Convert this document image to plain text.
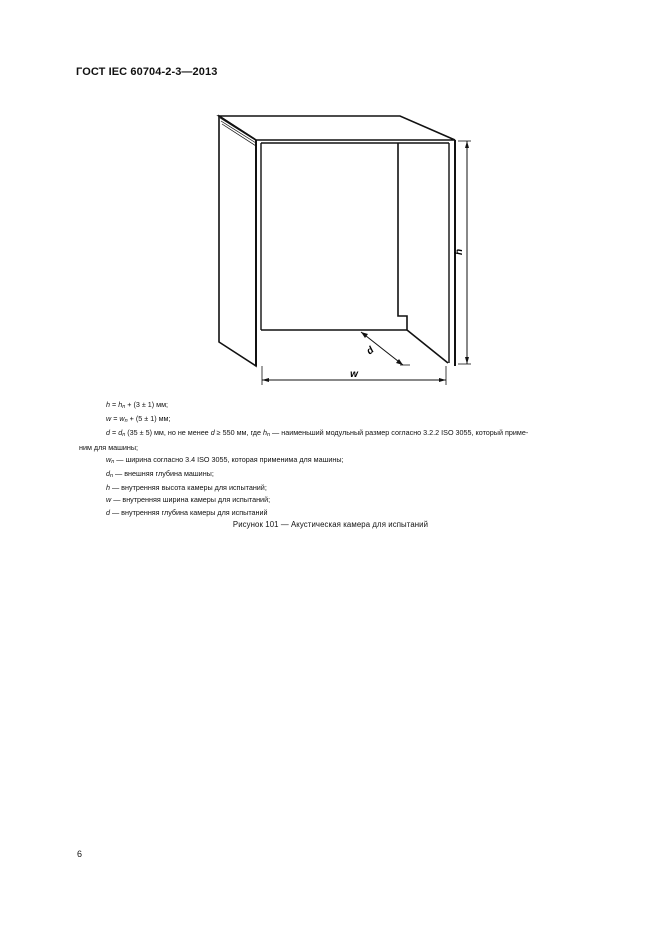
ГОСТ IEC 60704-2-3—2013
h
w
d
$h = h_n + (3 \pm 1)$ мм;
$w = w_n + (5 \pm 1)$ мм;
$d = d_n$ (35 ± 5) мм, но не менее d ≥ 550 мм, где $h_n$ — наименьший модульный размер согласно 3.2.2 ISO 3055, который приме-
ним для машины;
$w_n$ — ширина согласно 3.4 ISO 3055, которая применима для машины;
$d_n$ — внешняя глубина машины;
h — внутренняя высота камеры для испытаний;
w — внутренняя ширина камеры для испытаний;
d — внутренняя глубина камеры для испытаний
Рисунок 101 — Акустическая камера для испытаний
6
